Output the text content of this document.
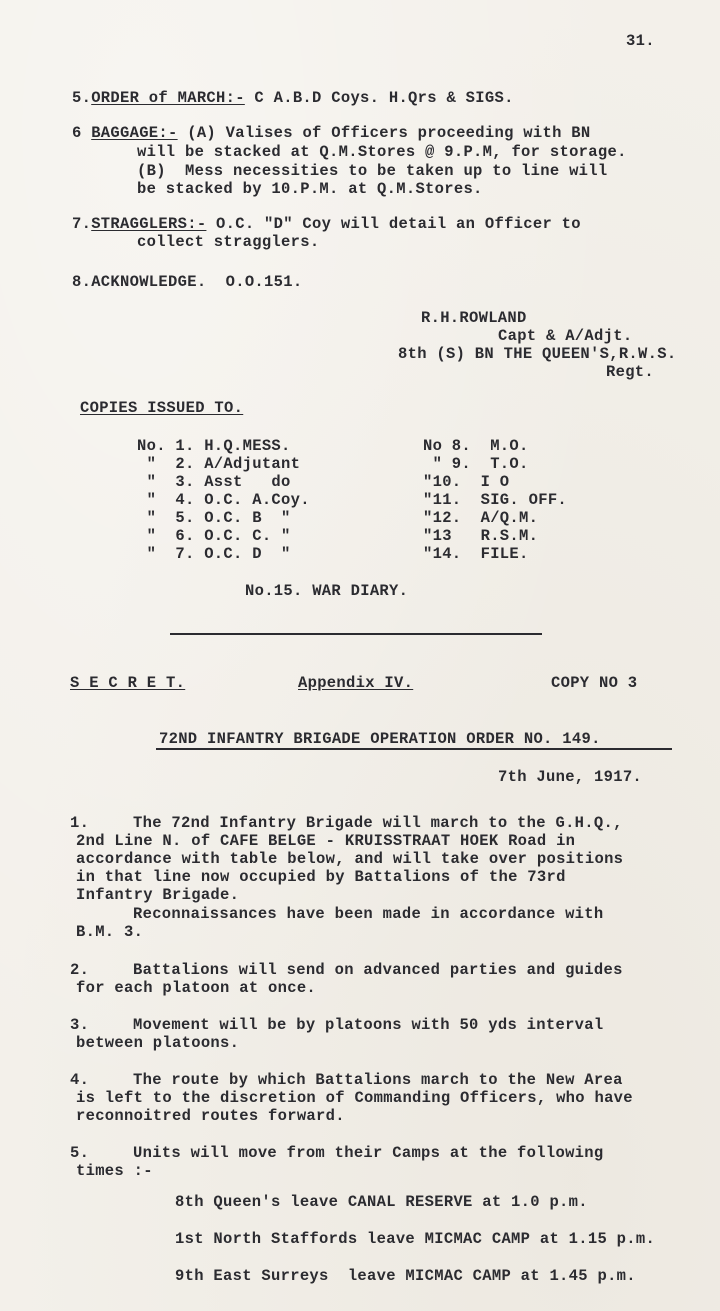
31.
5.ORDER of MARCH:- C A.B.D Coys. H.Qrs & SIGS.
6 BAGGAGE:- (A) Valises of Officers proceeding with BN
will be stacked at Q.M.Stores @ 9.P.M, for storage.
(B)  Mess necessities to be taken up to line will
be stacked by 10.P.M. at Q.M.Stores.
7.STRAGGLERS:- O.C. "D" Coy will detail an Officer to
collect stragglers.
8.ACKNOWLEDGE.  O.O.151.
R.H.ROWLAND
Capt & A/Adjt.
8th (S) BN THE QUEEN'S,R.W.S.
Regt.
COPIES ISSUED TO.
No. 1. H.Q.MESS.
"  2. A/Adjutant
"  3. Asst   do
"  4. O.C. A.Coy.
"  5. O.C. B  "
"  6. O.C. C. "
"  7. O.C. D  "
No 8.  M.O.
" 9.  T.O.
"10.  I O
"11.  SIG. OFF.
"12.  A/Q.M.
"13   R.S.M.
"14.  FILE.
No.15. WAR DIARY.
S E C R E T.	Appendix IV.	COPY NO 3
72ND INFANTRY BRIGADE OPERATION ORDER NO. 149.
7th June, 1917.
1.	The 72nd Infantry Brigade will march to the G.H.Q.,
2nd Line N. of CAFE BELGE - KRUISSTRAAT HOEK Road in
accordance with table below, and will take over positions
in that line now occupied by Battalions of the 73rd
Infantry Brigade.
Reconnaissances have been made in accordance with
B.M. 3.
2.	Battalions will send on advanced parties and guides
for each platoon at once.
3.	Movement will be by platoons with 50 yds interval
between platoons.
4.	The route by which Battalions march to the New Area
is left to the discretion of Commanding Officers, who have
reconnoitred routes forward.
5.	Units will move from their Camps at the following
times :-
8th Queen's leave CANAL RESERVE at 1.0 p.m.
1st North Staffords leave MICMAC CAMP at 1.15 p.m.
9th East Surreys  leave MICMAC CAMP at 1.45 p.m.
